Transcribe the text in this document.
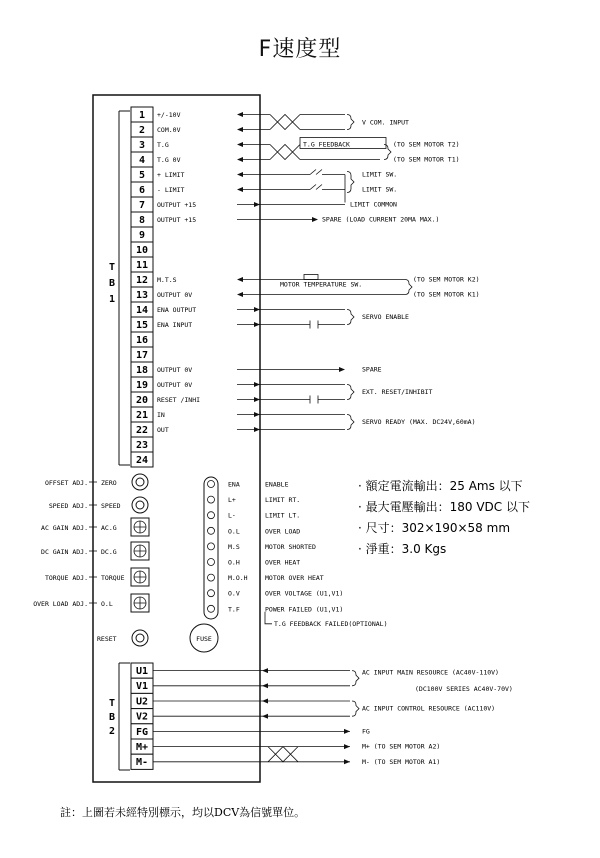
F速度型
T
B
1
1 +/-10V
2 COM.0V
3 T.G
4 T.G 0V
5 + LIMIT
6 - LIMIT
7 OUTPUT +15
8 OUTPUT +15
9
10
11
12 M.T.S
13 OUTPUT 0V
14 ENA OUTPUT
15 ENA INPUT
16
17
18 OUTPUT 0V
19 OUTPUT 0V
20 RESET /INHI
21 IN
22 OUT
23
24
V COM. INPUT
T.G FEEDBACK	(TO SEM MOTOR T2)
(TO SEM MOTOR T1)
LIMIT SW.
LIMIT SW.
LIMIT COMMON
SPARE (LOAD CURRENT 20MA MAX.)
MOTOR TEMPERATURE SW.
(TO SEM MOTOR K2)
(TO SEM MOTOR K1)
SERVO ENABLE
SPARE
EXT. RESET/INHIBIT
SERVO READY (MAX. DC24V,60mA)
AC INPUT MAIN RESOURCE (AC40V-110V)
(DC100V SERIES AC40V-70V)
AC INPUT CONTROL RESOURCE (AC110V)
FG
M+ (TO SEM MOTOR A2)
M- (TO SEM MOTOR A1)
OFFSET ADJ. ZERO
SPEED ADJ. SPEED
AC GAIN ADJ. AC.G
DC GAIN ADJ. DC.G
TORQUE ADJ. TORQUE
OVER LOAD ADJ. O.L
ENA	ENABLE
L+	LIMIT RT.
L-	LIMIT LT.
O.L	OVER LOAD
M.S	MOTOR SHORTED
O.H	OVER HEAT
M.O.H	MOTOR OVER HEAT
O.V	OVER VOLTAGE (U1,V1)
T.F	POWER FAILED (U1,V1)
T.G FEEDBACK FAILED(OPTIONAL)
RESET	FUSE
T
B
2
U1
V1
U2
V2
FG
M+
M-
· 額定電流輸出：25 Ams 以下
· 最大電壓輸出：180 VDC 以下
· 尺寸：302×190×58 mm
· 淨重：3.0 Kgs
註：上圖若未經特別標示，均以DCV為信號單位。
